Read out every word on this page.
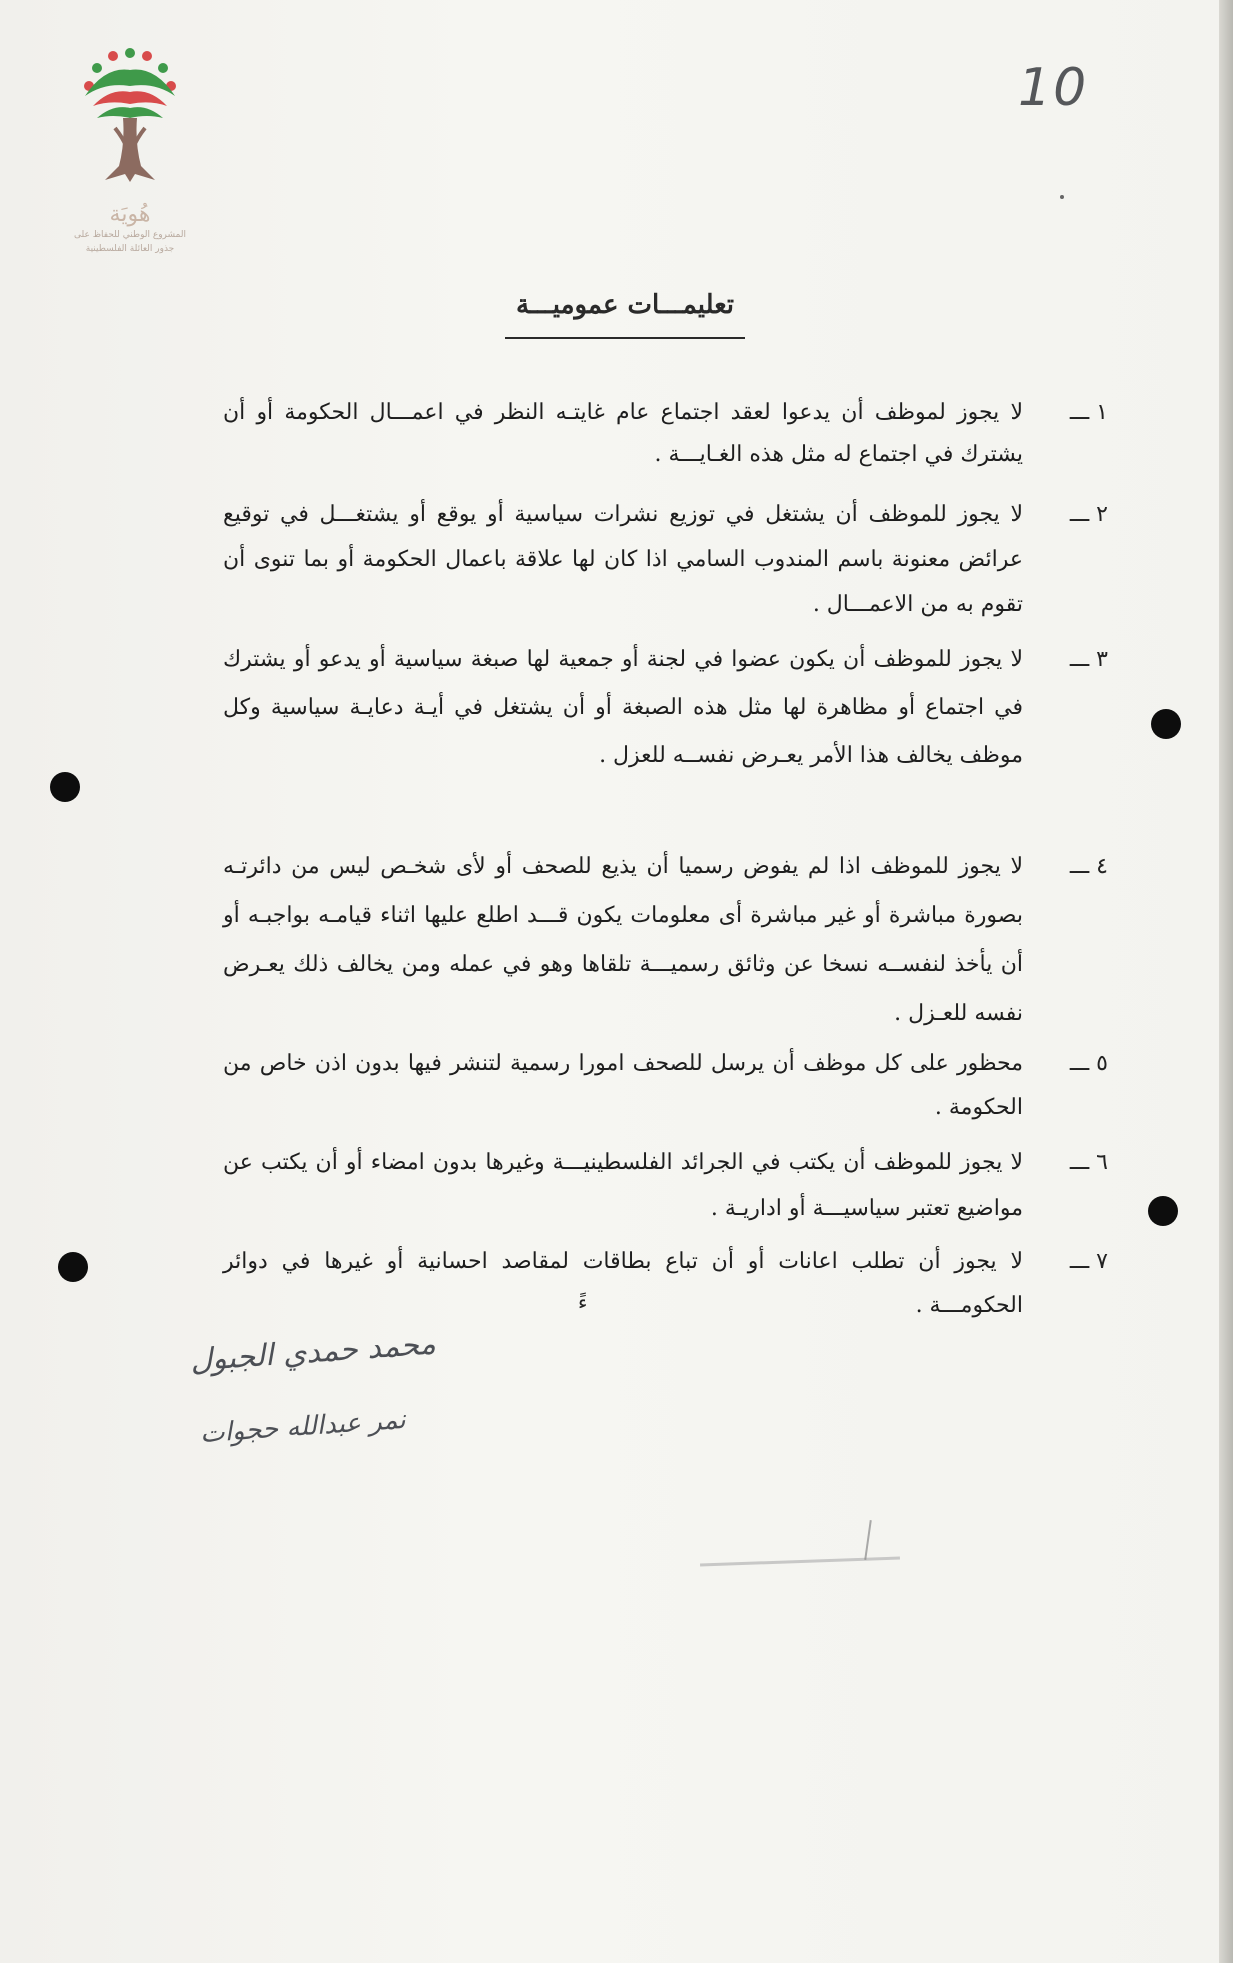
هُويَة
المشروع الوطني للحفاظ على
جذور العائلة الفلسطينية
10
تعليمـــات عموميـــة
١ ـــ
لا يجوز لموظف أن يدعوا لعقد اجتماع عام غايتـه النظر في اعمـــال الحكومة أو أن يشترك في اجتماع له مثل هذه الغـايـــة .
٢ ـــ
لا يجوز للموظف أن يشتغل في توزيع نشرات سياسية أو يوقع أو يشتغـــل في توقيع عرائض معنونة باسم المندوب السامي اذا كان لها علاقة باعمال الحكومة أو بما تنوى أن تقوم به من الاعمـــال .
٣ ـــ
لا يجوز للموظف أن يكون عضوا في لجنة أو جمعية لها صبغة سياسية أو يدعو أو يشترك في اجتماع أو مظاهرة لها مثل هذه الصبغة أو أن يشتغل في أيـة دعايـة سياسية وكل موظف يخالف هذا الأمر يعـرض نفســه للعزل .
٤ ـــ
لا يجوز للموظف اذا لم يفوض رسميا أن يذيع للصحف أو لأى شخـص ليس من دائرتـه بصورة مباشرة أو غير مباشرة أى معلومات يكون قـــد اطلع عليها اثناء قيامـه بواجبـه أو أن يأخذ لنفســه نسخا عن وثائق رسميـــة تلقاها وهو في عمله ومن يخالف ذلك يعـرض نفسه للعـزل .
٥ ـــ
محظور على كل موظف أن يرسل للصحف امورا رسمية لتنشر فيها بدون اذن خاص من الحكومة .
٦ ـــ
لا يجوز للموظف أن يكتب في الجرائد الفلسطينيـــة وغيرها بدون امضاء أو أن يكتب عن مواضيع تعتبر سياسيـــة أو اداريـة .
٧ ـــ
لا يجوز أن تطلب اعانات أو أن تباع بطاقات لمقاصد احسانية أو غيرها في دوائر الحكومـــة .
ءً
محمد حمدي الجبول
نمر عبدالله حجوات
